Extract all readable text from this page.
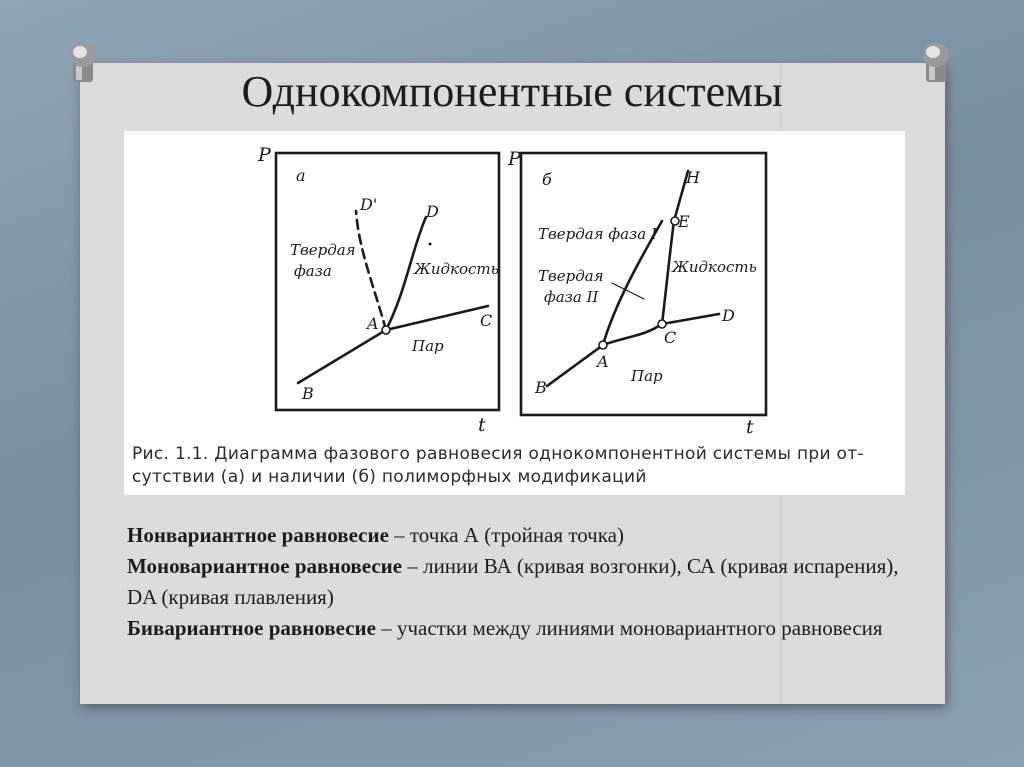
Однокомпонентные системы
P
t
а
D'	D
Твердая
фаза	Жидкость
A	C
Пар
B
P
t
б	H
E
Твердая фаза I
Жидкость
Твердая
фаза II
C
D
A
Пар
B
Рис. 1.1. Диаграмма фазового равновесия однокомпонентной системы при от-
сутствии (а) и наличии (б) полиморфных модификаций

Нонвариантное равновесие – точка А (тройная точка)

Моновариантное равновесие – линии ВА (кривая возгонки), СА (кривая испарения), DA (кривая плавления)

Бивариантное равновесие – участки между линиями моновариантного равновесия
